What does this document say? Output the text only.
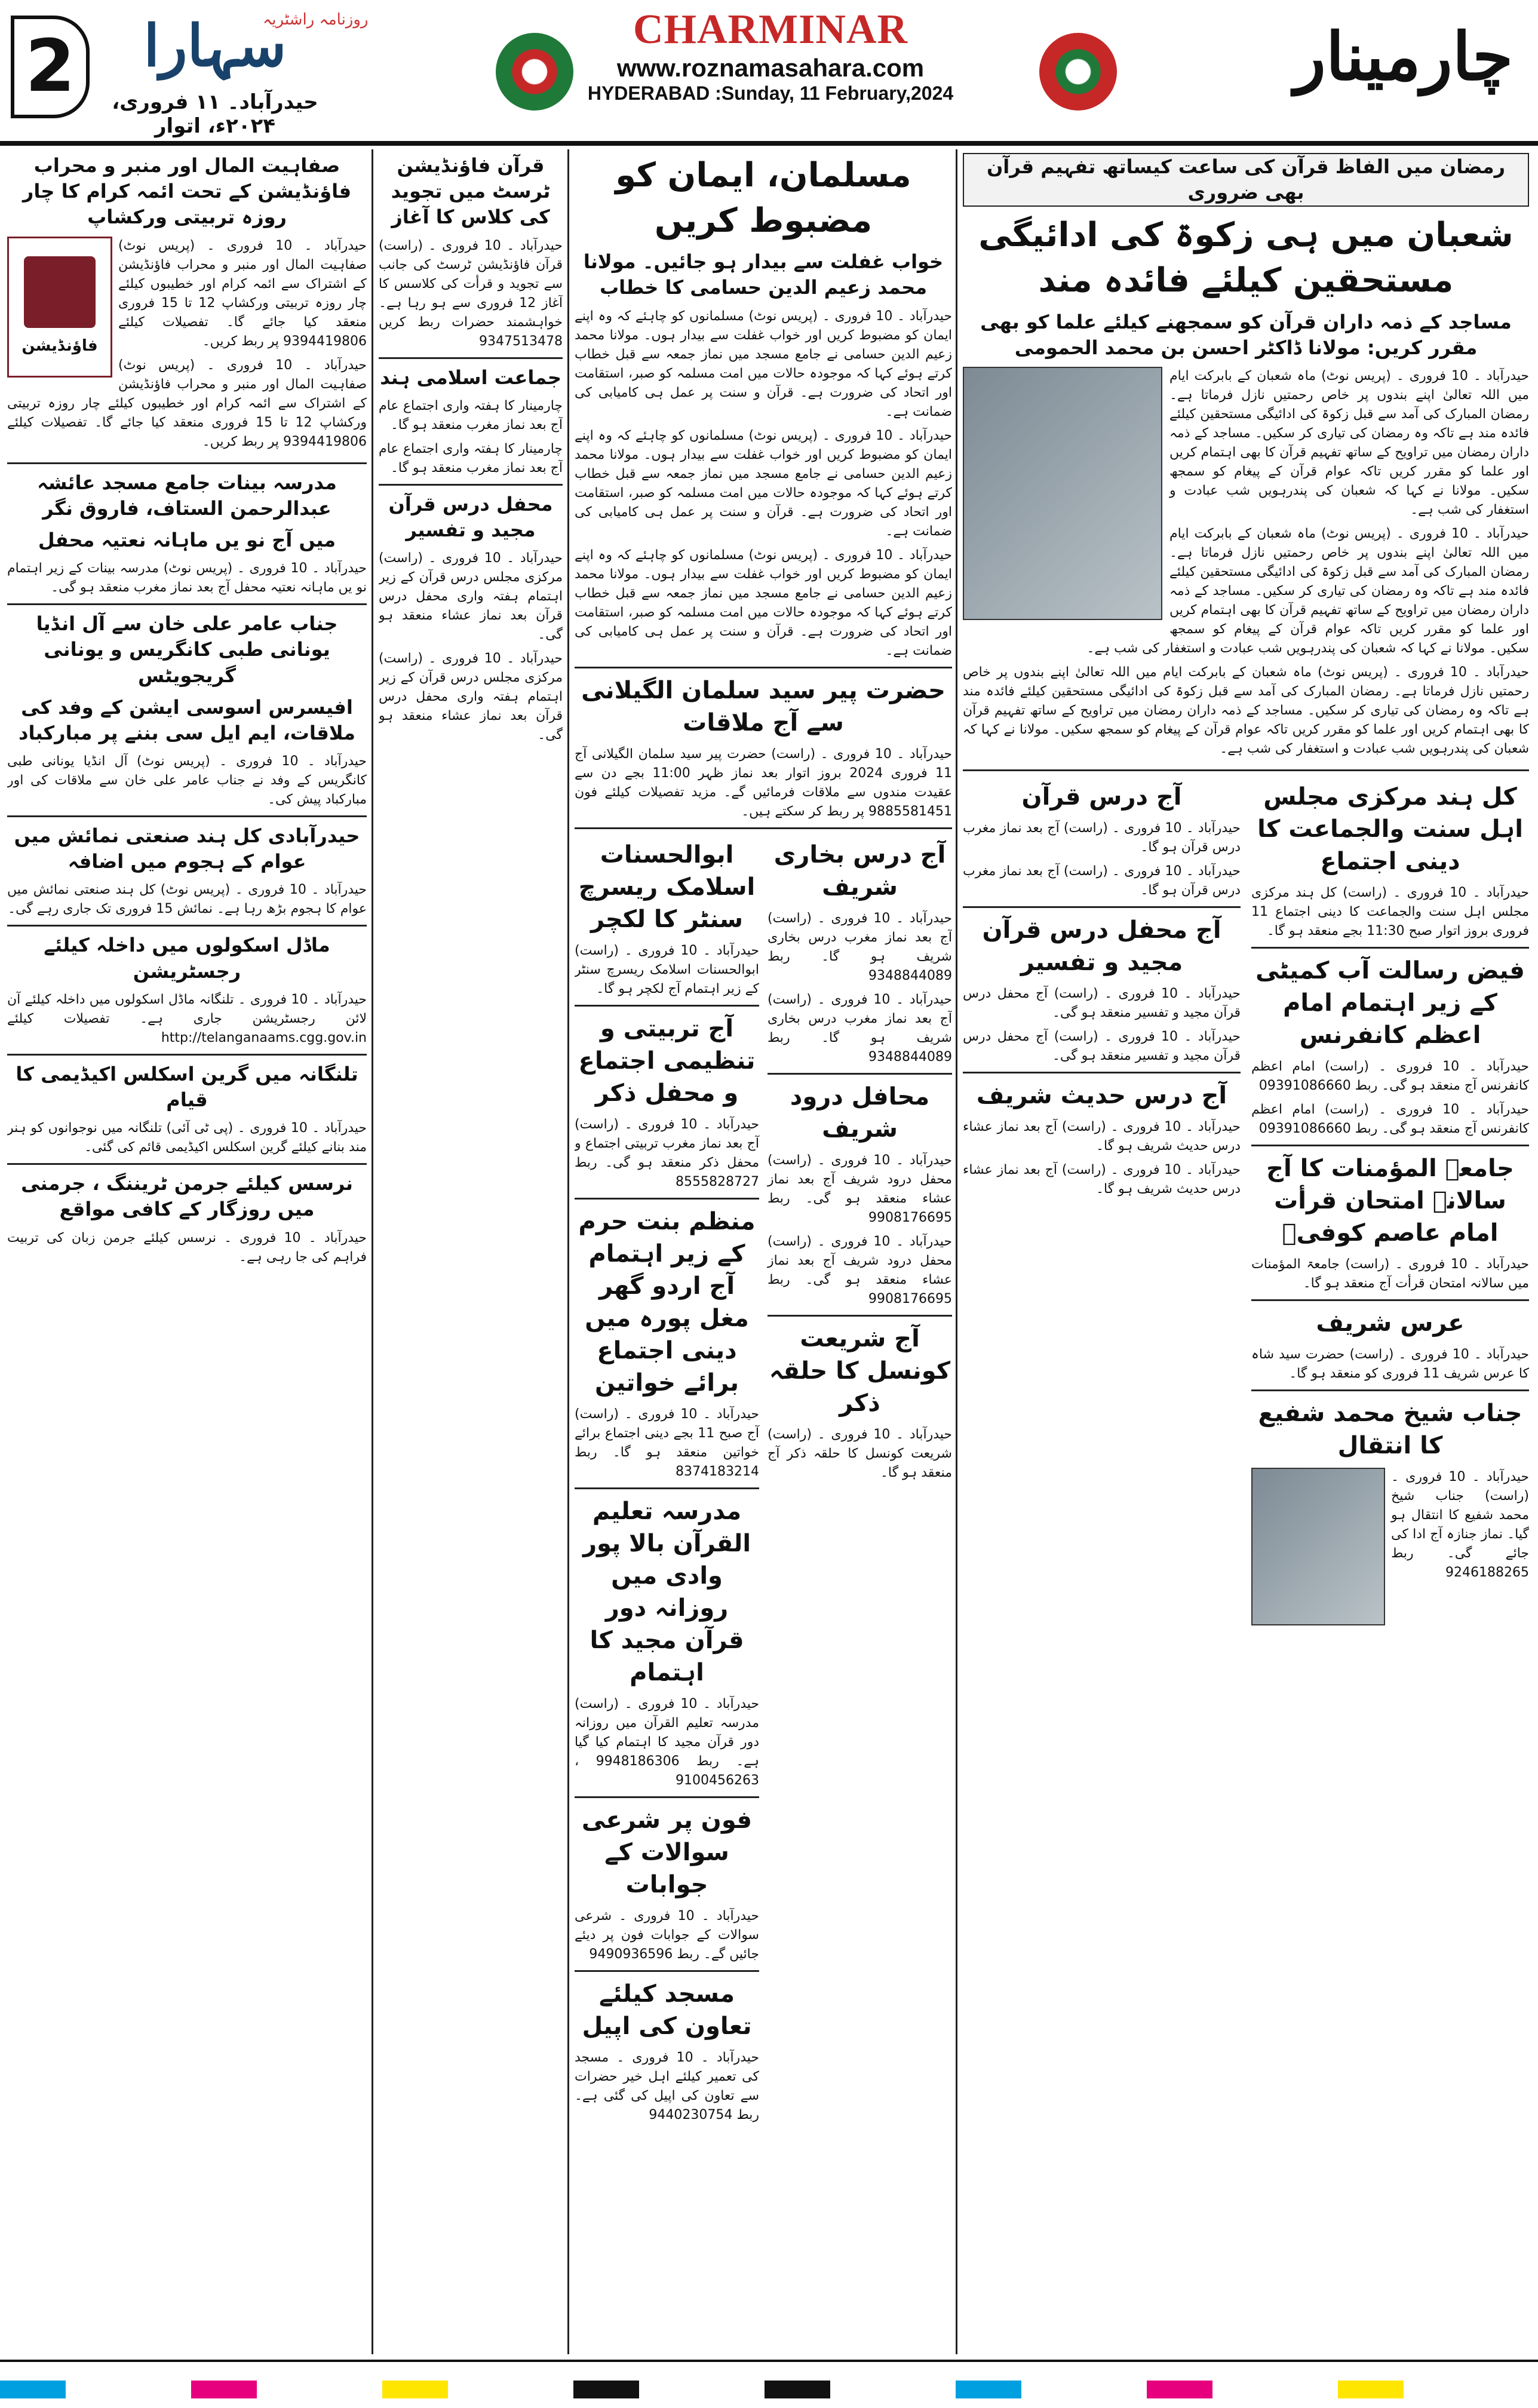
2
روزنامہ راشٹریہ
سہارا
حیدرآباد۔ ۱۱ فروری، ۲۰۲۴ء، اتوار
CHARMINAR
www.roznamasahara.com
HYDERABAD :Sunday, 11 February,2024	چارمینار
رمضان میں الفاظ قرآن کی ساعت کیساتھ تفہیم قرآن بھی ضروری
شعبان میں ہی زکوۃ کی ادائیگی مستحقین کیلئے فائدہ مند
مساجد کے ذمہ داران قرآن کو سمجھنے کیلئے علما کو بھی مقرر کریں: مولانا ڈاکٹر احسن بن محمد الحمومی

حیدرآباد ۔ 10 فروری ۔ (پریس نوٹ) ماہ شعبان کے بابرکت ایام میں اللہ تعالیٰ اپنے بندوں پر خاص رحمتیں نازل فرماتا ہے۔ رمضان المبارک کی آمد سے قبل زکوۃ کی ادائیگی مستحقین کیلئے فائدہ مند ہے تاکہ وہ رمضان کی تیاری کر سکیں۔ مساجد کے ذمہ داران رمضان میں تراویح کے ساتھ تفہیم قرآن کا بھی اہتمام کریں اور علما کو مقرر کریں تاکہ عوام قرآن کے پیغام کو سمجھ سکیں۔ مولانا نے کہا کہ شعبان کی پندرہویں شب عبادت و استغفار کی شب ہے۔

حیدرآباد ۔ 10 فروری ۔ (پریس نوٹ) ماہ شعبان کے بابرکت ایام میں اللہ تعالیٰ اپنے بندوں پر خاص رحمتیں نازل فرماتا ہے۔ رمضان المبارک کی آمد سے قبل زکوۃ کی ادائیگی مستحقین کیلئے فائدہ مند ہے تاکہ وہ رمضان کی تیاری کر سکیں۔ مساجد کے ذمہ داران رمضان میں تراویح کے ساتھ تفہیم قرآن کا بھی اہتمام کریں اور علما کو مقرر کریں تاکہ عوام قرآن کے پیغام کو سمجھ سکیں۔ مولانا نے کہا کہ شعبان کی پندرہویں شب عبادت و استغفار کی شب ہے۔

حیدرآباد ۔ 10 فروری ۔ (پریس نوٹ) ماہ شعبان کے بابرکت ایام میں اللہ تعالیٰ اپنے بندوں پر خاص رحمتیں نازل فرماتا ہے۔ رمضان المبارک کی آمد سے قبل زکوۃ کی ادائیگی مستحقین کیلئے فائدہ مند ہے تاکہ وہ رمضان کی تیاری کر سکیں۔ مساجد کے ذمہ داران رمضان میں تراویح کے ساتھ تفہیم قرآن کا بھی اہتمام کریں اور علما کو مقرر کریں تاکہ عوام قرآن کے پیغام کو سمجھ سکیں۔ مولانا نے کہا کہ شعبان کی پندرہویں شب عبادت و استغفار کی شب ہے۔

کل ہند مرکزی مجلس اہل سنت والجماعت کا دینی اجتماع

حیدرآباد ۔ 10 فروری ۔ (راست) کل ہند مرکزی مجلس اہل سنت والجماعت کا دینی اجتماع 11 فروری بروز اتوار صبح 11:30 بجے منعقد ہو گا۔

فیض رسالت آب کمیٹی کے زیر اہتمام امام اعظم کانفرنس

حیدرآباد ۔ 10 فروری ۔ (راست) امام اعظم کانفرنس آج منعقد ہو گی۔ ربط 09391086660

حیدرآباد ۔ 10 فروری ۔ (راست) امام اعظم کانفرنس آج منعقد ہو گی۔ ربط 09391086660

جامعۃ المؤمنات کا آج سالانہ امتحان قرأت امام عاصم کوفیؒ

حیدرآباد ۔ 10 فروری ۔ (راست) جامعۃ المؤمنات میں سالانہ امتحان قرأت آج منعقد ہو گا۔

عرس شریف

حیدرآباد ۔ 10 فروری ۔ (راست) حضرت سید شاہ کا عرس شریف 11 فروری کو منعقد ہو گا۔

جناب شیخ محمد شفیع کا انتقال

حیدرآباد ۔ 10 فروری ۔ (راست) جناب شیخ محمد شفیع کا انتقال ہو گیا۔ نماز جنازہ آج ادا کی جائے گی۔ ربط 9246188265

آج درس قرآن

حیدرآباد ۔ 10 فروری ۔ (راست) آج بعد نماز مغرب درس قرآن ہو گا۔

حیدرآباد ۔ 10 فروری ۔ (راست) آج بعد نماز مغرب درس قرآن ہو گا۔

آج محفل درس قرآن مجید و تفسیر

حیدرآباد ۔ 10 فروری ۔ (راست) آج محفل درس قرآن مجید و تفسیر منعقد ہو گی۔

حیدرآباد ۔ 10 فروری ۔ (راست) آج محفل درس قرآن مجید و تفسیر منعقد ہو گی۔

آج درس حدیث شریف

حیدرآباد ۔ 10 فروری ۔ (راست) آج بعد نماز عشاء درس حدیث شریف ہو گا۔

حیدرآباد ۔ 10 فروری ۔ (راست) آج بعد نماز عشاء درس حدیث شریف ہو گا۔

مسلمان، ایمان کو مضبوط کریں
خواب غفلت سے بیدار ہو جائیں۔ مولانا محمد زعیم الدین حسامی کا خطاب

حیدرآباد ۔ 10 فروری ۔ (پریس نوٹ) مسلمانوں کو چاہئے کہ وہ اپنے ایمان کو مضبوط کریں اور خواب غفلت سے بیدار ہوں۔ مولانا محمد زعیم الدین حسامی نے جامع مسجد میں نماز جمعہ سے قبل خطاب کرتے ہوئے کہا کہ موجودہ حالات میں امت مسلمہ کو صبر، استقامت اور اتحاد کی ضرورت ہے۔ قرآن و سنت پر عمل ہی کامیابی کی ضمانت ہے۔

حیدرآباد ۔ 10 فروری ۔ (پریس نوٹ) مسلمانوں کو چاہئے کہ وہ اپنے ایمان کو مضبوط کریں اور خواب غفلت سے بیدار ہوں۔ مولانا محمد زعیم الدین حسامی نے جامع مسجد میں نماز جمعہ سے قبل خطاب کرتے ہوئے کہا کہ موجودہ حالات میں امت مسلمہ کو صبر، استقامت اور اتحاد کی ضرورت ہے۔ قرآن و سنت پر عمل ہی کامیابی کی ضمانت ہے۔

حیدرآباد ۔ 10 فروری ۔ (پریس نوٹ) مسلمانوں کو چاہئے کہ وہ اپنے ایمان کو مضبوط کریں اور خواب غفلت سے بیدار ہوں۔ مولانا محمد زعیم الدین حسامی نے جامع مسجد میں نماز جمعہ سے قبل خطاب کرتے ہوئے کہا کہ موجودہ حالات میں امت مسلمہ کو صبر، استقامت اور اتحاد کی ضرورت ہے۔ قرآن و سنت پر عمل ہی کامیابی کی ضمانت ہے۔

حضرت پیر سید سلمان الگیلانی سے آج ملاقات

حیدرآباد ۔ 10 فروری ۔ (راست) حضرت پیر سید سلمان الگیلانی آج 11 فروری 2024 بروز اتوار بعد نماز ظہر 11:00 بجے دن سے عقیدت مندوں سے ملاقات فرمائیں گے۔ مزید تفصیلات کیلئے فون 9885581451 پر ربط کر سکتے ہیں۔

آج درس بخاری شریف

حیدرآباد ۔ 10 فروری ۔ (راست) آج بعد نماز مغرب درس بخاری شریف ہو گا۔ ربط 9348844089

حیدرآباد ۔ 10 فروری ۔ (راست) آج بعد نماز مغرب درس بخاری شریف ہو گا۔ ربط 9348844089

محافل درود شریف

حیدرآباد ۔ 10 فروری ۔ (راست) محفل درود شریف آج بعد نماز عشاء منعقد ہو گی۔ ربط 9908176695

حیدرآباد ۔ 10 فروری ۔ (راست) محفل درود شریف آج بعد نماز عشاء منعقد ہو گی۔ ربط 9908176695

آج شریعت کونسل کا حلقہ ذکر

حیدرآباد ۔ 10 فروری ۔ (راست) شریعت کونسل کا حلقہ ذکر آج منعقد ہو گا۔

ابوالحسنات اسلامک ریسرچ سنٹر کا لکچر

حیدرآباد ۔ 10 فروری ۔ (راست) ابوالحسنات اسلامک ریسرچ سنٹر کے زیر اہتمام آج لکچر ہو گا۔

آج تربیتی و تنظیمی اجتماع و محفل ذکر

حیدرآباد ۔ 10 فروری ۔ (راست) آج بعد نماز مغرب تربیتی اجتماع و محفل ذکر منعقد ہو گی۔ ربط 8555828727

منظم بنت حرم کے زیر اہتمام آج اردو گھر مغل پورہ میں دینی اجتماع برائے خواتین

حیدرآباد ۔ 10 فروری ۔ (راست) آج صبح 11 بجے دینی اجتماع برائے خواتین منعقد ہو گا۔ ربط 8374183214

مدرسہ تعلیم القرآن بالا پور وادی میں روزانہ دور قرآن مجید کا اہتمام

حیدرآباد ۔ 10 فروری ۔ (راست) مدرسہ تعلیم القرآن میں روزانہ دور قرآن مجید کا اہتمام کیا گیا ہے۔ ربط 9948186306 ، 9100456263

فون پر شرعی سوالات کے جوابات

حیدرآباد ۔ 10 فروری ۔ شرعی سوالات کے جوابات فون پر دیئے جائیں گے۔ ربط 9490936596

مسجد کیلئے تعاون کی اپیل

حیدرآباد ۔ 10 فروری ۔ مسجد کی تعمیر کیلئے اہل خیر حضرات سے تعاون کی اپیل کی گئی ہے۔ ربط 9440230754

قرآن فاؤنڈیشن ٹرسٹ میں تجوید کی کلاس کا آغاز

حیدرآباد ۔ 10 فروری ۔ (راست) قرآن فاؤنڈیشن ٹرسٹ کی جانب سے تجوید و قرأت کی کلاسس کا آغاز 12 فروری سے ہو رہا ہے۔ خواہشمند حضرات ربط کریں 9347513478

جماعت اسلامی ہند

چارمینار کا ہفتہ واری اجتماع عام آج بعد نماز مغرب منعقد ہو گا۔

چارمینار کا ہفتہ واری اجتماع عام آج بعد نماز مغرب منعقد ہو گا۔

محفل درس قرآن مجید و تفسیر

حیدرآباد ۔ 10 فروری ۔ (راست) مرکزی مجلس درس قرآن کے زیر اہتمام ہفتہ واری محفل درس قرآن بعد نماز عشاء منعقد ہو گی۔

حیدرآباد ۔ 10 فروری ۔ (راست) مرکزی مجلس درس قرآن کے زیر اہتمام ہفتہ واری محفل درس قرآن بعد نماز عشاء منعقد ہو گی۔

صفاہیت المال اور منبر و محراب فاؤنڈیشن کے تحت ائمہ کرام کا چار روزہ تربیتی ورکشاپ
فاؤنڈیشن

حیدرآباد ۔ 10 فروری ۔ (پریس نوٹ) صفاہیت المال اور منبر و محراب فاؤنڈیشن کے اشتراک سے ائمہ کرام اور خطیبوں کیلئے چار روزہ تربیتی ورکشاپ 12 تا 15 فروری منعقد کیا جائے گا۔ تفصیلات کیلئے 9394419806 پر ربط کریں۔

حیدرآباد ۔ 10 فروری ۔ (پریس نوٹ) صفاہیت المال اور منبر و محراب فاؤنڈیشن کے اشتراک سے ائمہ کرام اور خطیبوں کیلئے چار روزہ تربیتی ورکشاپ 12 تا 15 فروری منعقد کیا جائے گا۔ تفصیلات کیلئے 9394419806 پر ربط کریں۔

مدرسہ بینات جامع مسجد عائشہ عبدالرحمن الستاف، فاروق نگر
میں آج نو یں ماہانہ نعتیہ محفل

حیدرآباد ۔ 10 فروری ۔ (پریس نوٹ) مدرسہ بینات کے زیر اہتمام نو یں ماہانہ نعتیہ محفل آج بعد نماز مغرب منعقد ہو گی۔

جناب عامر علی خان سے آل انڈیا یونانی طبی کانگریس و یونانی گریجویٹس
افیسرس اسوسی ایشن کے وفد کی ملاقات، ایم ایل سی بننے پر مبارکباد

حیدرآباد ۔ 10 فروری ۔ (پریس نوٹ) آل انڈیا یونانی طبی کانگریس کے وفد نے جناب عامر علی خان سے ملاقات کی اور مبارکباد پیش کی۔

حیدرآبادی کل ہند صنعتی نمائش میں عوام کے ہجوم میں اضافہ

حیدرآباد ۔ 10 فروری ۔ (پریس نوٹ) کل ہند صنعتی نمائش میں عوام کا ہجوم بڑھ رہا ہے۔ نمائش 15 فروری تک جاری رہے گی۔

ماڈل اسکولوں میں داخلہ کیلئے رجسٹریشن

حیدرآباد ۔ 10 فروری ۔ تلنگانہ ماڈل اسکولوں میں داخلہ کیلئے آن لائن رجسٹریشن جاری ہے۔ تفصیلات کیلئے http://telanganaams.cgg.gov.in

تلنگانہ میں گرین اسکلس اکیڈیمی کا قیام

حیدرآباد ۔ 10 فروری ۔ (پی ٹی آئی) تلنگانہ میں نوجوانوں کو ہنر مند بنانے کیلئے گرین اسکلس اکیڈیمی قائم کی گئی۔

نرسس کیلئے جرمن ٹریننگ ، جرمنی میں روزگار کے کافی مواقع

حیدرآباد ۔ 10 فروری ۔ نرسس کیلئے جرمن زبان کی تربیت فراہم کی جا رہی ہے۔
